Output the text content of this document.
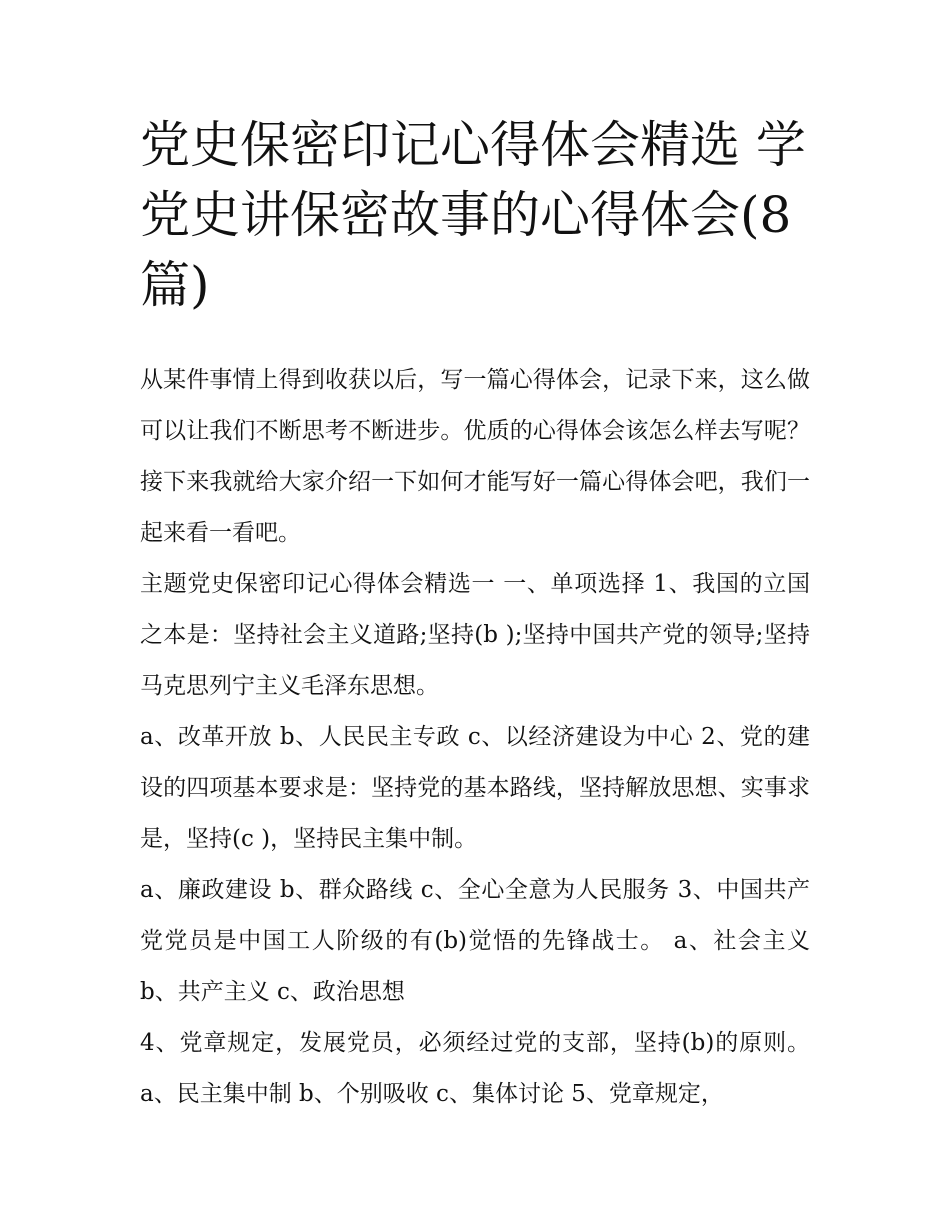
党史保密印记心得体会精选 学党史讲保密故事的心得体会(8篇)

从某件事情上得到收获以后，写一篇心得体会，记录下来，这么做可以让我们不断思考不断进步。优质的心得体会该怎么样去写呢？接下来我就给大家介绍一下如何才能写好一篇心得体会吧，我们一起来看一看吧。

主题党史保密印记心得体会精选一 一、单项选择 1、我国的立国之本是：坚持社会主义道路;坚持(b );坚持中国共产党的领导;坚持马克思列宁主义毛泽东思想。

a、改革开放 b、人民民主专政 c、以经济建设为中心 2、党的建设的四项基本要求是：坚持党的基本路线，坚持解放思想、实事求是，坚持(c )，坚持民主集中制。

a、廉政建设 b、群众路线 c、全心全意为人民服务 3、中国共产党党员是中国工人阶级的有(b)觉悟的先锋战士。 a、社会主义 b、共产主义 c、政治思想

4、党章规定，发展党员，必须经过党的支部，坚持(b)的原则。 a、民主集中制 b、个别吸收 c、集体讨论 5、党章规定，
